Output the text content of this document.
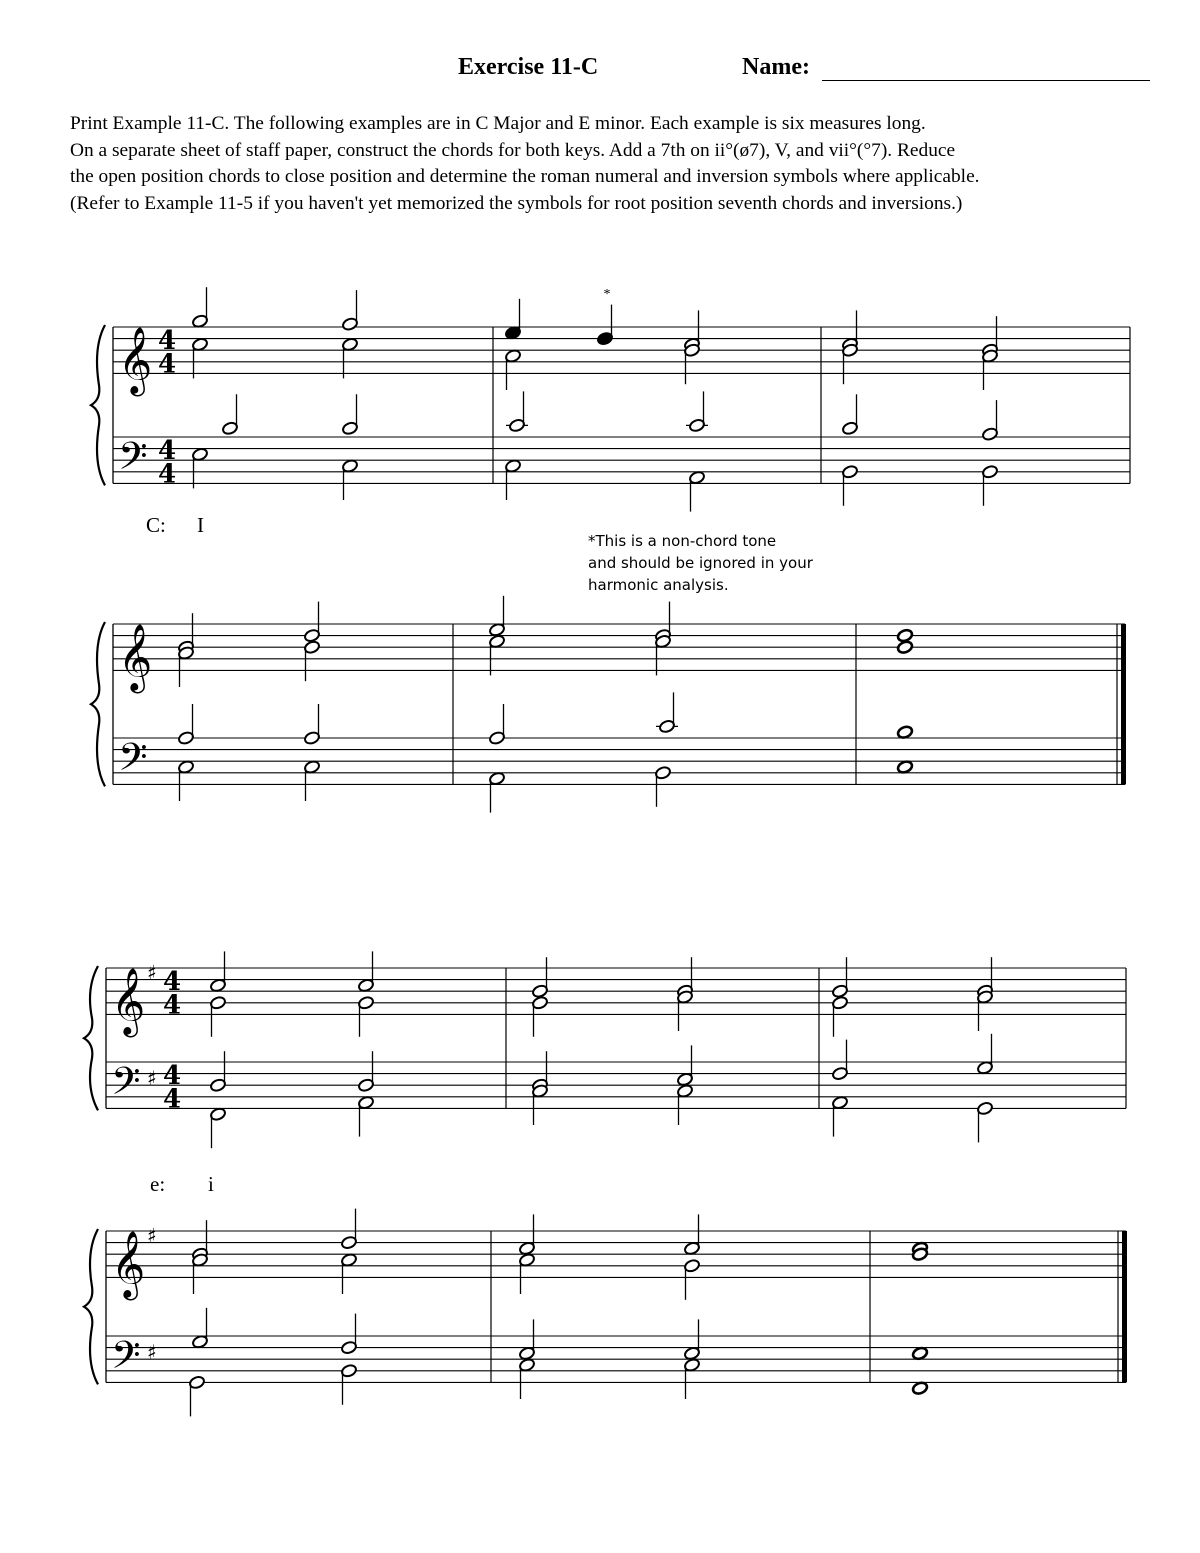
Exercise 11-C	Name:

Print Example 11-C. The following examples are in C Major and E minor. Each example is six measures long.

On a separate sheet of staff paper, construct the chords for both keys. Add a 7th on ii°(ø7), V, and vii°(°7). Reduce

the open position chords to close position and determine the roman numeral and inversion symbols where applicable.

(Refer to Example 11-5 if you haven't yet memorized the symbols for root position seventh chords and inversions.)

𝄞
𝄢
4
4
4
4
𝄞
𝄢
𝄞
𝄢
♯
♯
4
4
4
4
𝄞
𝄢
♯
♯
*
C: I
e: i
*This is a non-chord tone
and should be ignored in your
harmonic analysis.
